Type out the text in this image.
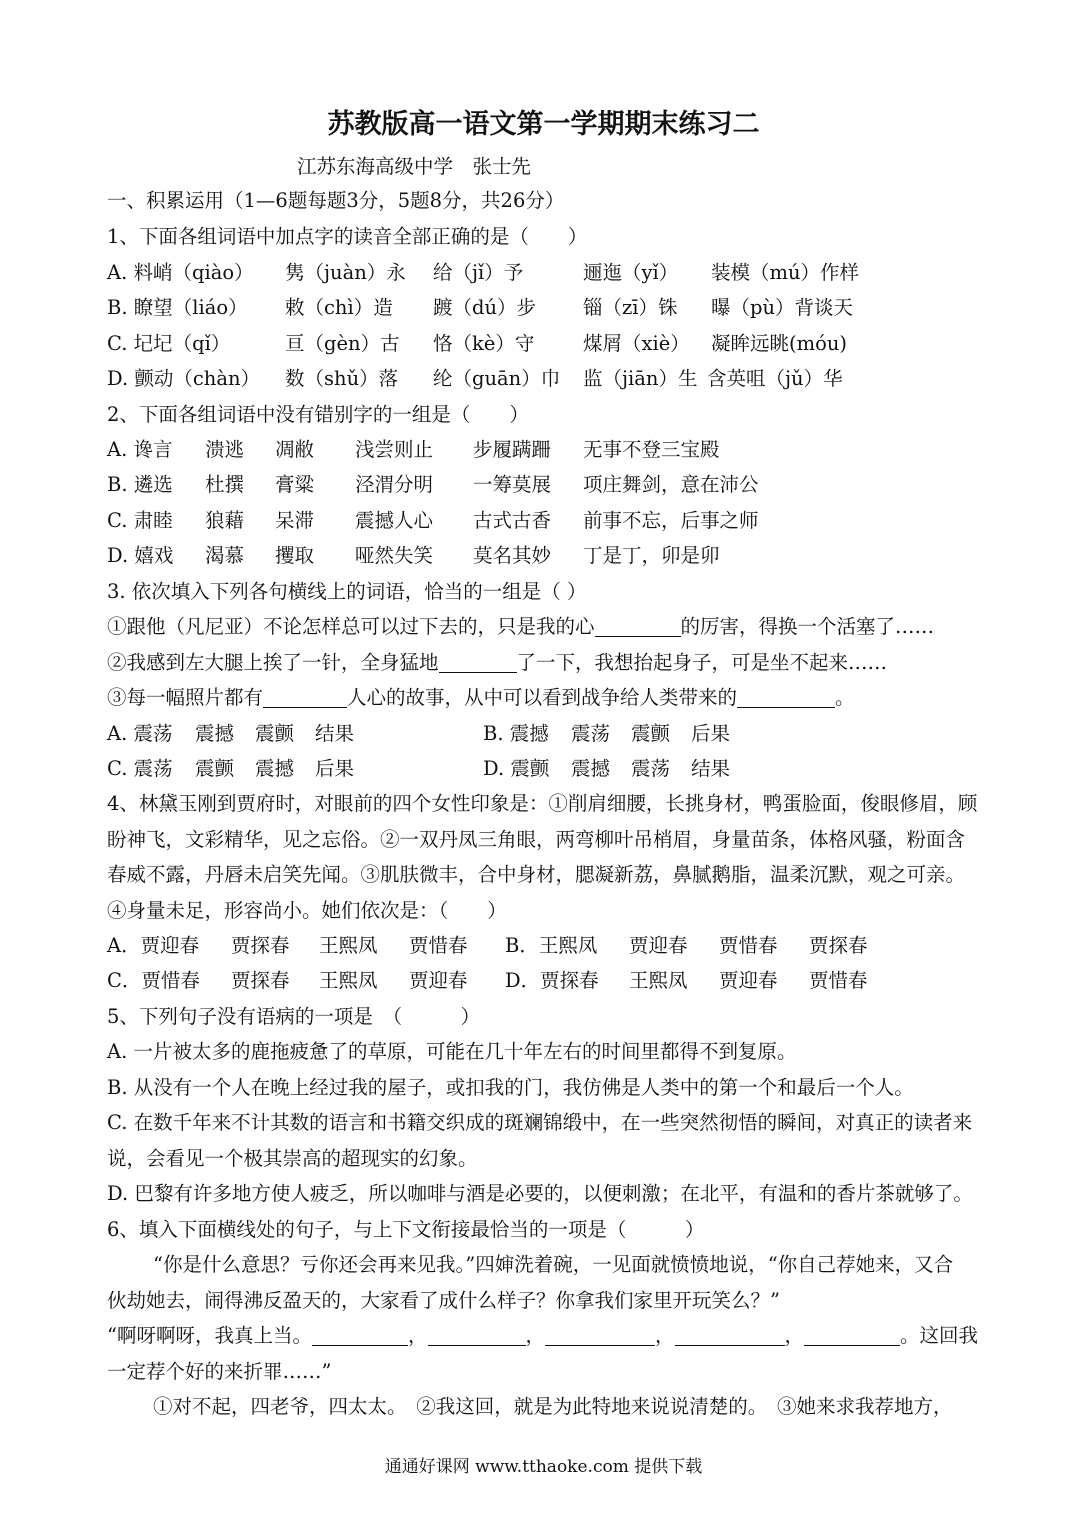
苏教版高一语文第一学期期末练习二
江苏东海高级中学　张士先
一、积累运用（1—6题每题3分，5题8分，共26分）
1、下面各组词语中加点字的读音全部正确的是（　　）
A. 料峭（qiào） 隽（juàn）永 给（jǐ）予	逦迤（yǐ） 装模（mú）作样
B. 瞭望（liáo） 敕（chì）造 踱（dú）步 锱（zī）铢 曝（pù）背谈天
C. 圮圮（qǐ）	亘（gèn）古 恪（kè）守 煤屑（xiè） 凝眸远眺(móu)
D. 颤动（chàn） 数（shǔ）落 纶（guān）巾 监（jiān）生 含英咀（jǔ）华
2、下面各组词语中没有错别字的一组是（　　）
A. 谗言 溃逃 凋敝 浅尝则止 步履蹒跚 无事不登三宝殿
B. 遴选 杜撰 膏粱 泾渭分明 一筹莫展 项庄舞剑，意在沛公
C. 肃睦 狼藉 呆滞 震撼人心 古式古香 前事不忘，后事之师
D. 嬉戏 渴慕 攫取 哑然失笑 莫名其妙 丁是丁，卯是卯
3. 依次填入下列各句横线上的词语，恰当的一组是（ ）
①跟他（凡尼亚）不论怎样总可以过下去的，只是我的心	的厉害，得换一个活塞了……
②我感到左大腿上挨了一针，全身猛地	了一下，我想抬起身子，可是坐不起来……
③每一幅照片都有	人心的故事，从中可以看到战争给人类带来的	。
A. 震荡 震撼 震颤 结果	B. 震撼 震荡 震颤 后果
C. 震荡 震颤 震撼 后果	D. 震颤 震撼 震荡 结果
4、林黛玉刚到贾府时，对眼前的四个女性印象是：①削肩细腰，长挑身材，鸭蛋脸面，俊眼修眉，顾
盼神飞，文彩精华，见之忘俗。②一双丹凤三角眼，两弯柳叶吊梢眉，身量苗条，体格风骚，粉面含
春威不露，丹唇未启笑先闻。③肌肤微丰，合中身材，腮凝新荔，鼻腻鹅脂，温柔沉默，观之可亲。
④身量未足，形容尚小。她们依次是：（　　）
A．贾迎春 贾探春 王熙凤 贾惜春 B．王熙凤 贾迎春 贾惜春 贾探春
C．贾惜春 贾探春 王熙凤 贾迎春 D．贾探春 王熙凤 贾迎春 贾惜春
5、下列句子没有语病的一项是　（　　　）
A. 一片被太多的鹿拖疲惫了的草原，可能在几十年左右的时间里都得不到复原。
B. 从没有一个人在晚上经过我的屋子，或扣我的门，我仿佛是人类中的第一个和最后一个人。
C. 在数千年来不计其数的语言和书籍交织成的斑斓锦缎中，在一些突然彻悟的瞬间，对真正的读者来
说，会看见一个极其崇高的超现实的幻象。
D. 巴黎有许多地方使人疲乏，所以咖啡与酒是必要的，以便刺激；在北平，有温和的香片茶就够了。
6、填入下面横线处的句子，与上下文衔接最恰当的一项是（　　　）
“你是什么意思？亏你还会再来见我。”四婶洗着碗，一见面就愤愤地说，“你自己荐她来，又合
伙劫她去，闹得沸反盈天的，大家看了成什么样子？你拿我们家里开玩笑么？”
“啊呀啊呀，我真上当。	，	，	，	，	。这回我
一定荐个好的来折罪……”
①对不起，四老爷，四太太。　②我这回，就是为此特地来说说清楚的。　③她来求我荐地方，
通通好课网 www.tthaoke.com 提供下载
